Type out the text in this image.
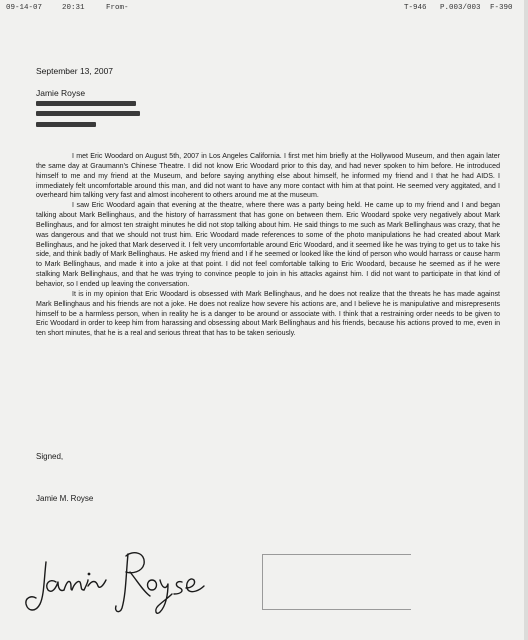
09-14-07	20:31	From-	T-946 P.003/003 F-390
September 13, 2007
Jamie Royse

I met Eric Woodard on August 5th, 2007 in Los Angeles California. I first met him briefly at the Hollywood Museum, and then again later the same day at Graumann's Chinese Theatre. I did not know Eric Woodard prior to this day, and had never spoken to him before. He introduced himself to me and my friend at the Museum, and before saying anything else about himself, he informed my friend and I that he had AIDS. I immediately felt uncomfortable around this man, and did not want to have any more contact with him at that point. He seemed very aggitated, and I overheard him talking very fast and almost incoherent to others around me at the museum.

I saw Eric Woodard again that evening at the theatre, where there was a party being held. He came up to my friend and I and began talking about Mark Bellinghaus, and the history of harrassment that has gone on between them. Eric Woodard spoke very negatively about Mark Bellinghaus, and for almost ten straight minutes he did not stop talking about him. He said things to me such as Mark Bellinghaus was crazy, that he was dangerous and that we should not trust him. Eric Woodard made references to some of the photo manipulations he had created about Mark Bellinghaus, and he joked that Mark deserved it. I felt very uncomfortable around Eric Woodard, and it seemed like he was trying to get us to take his side, and think badly of Mark Bellinghaus. He asked my friend and I if he seemed or looked like the kind of person who would harrass or cause harm to Mark Bellinghaus, and made it into a joke at that point. I did not feel comfortable talking to Eric Woodard, because he seemed as if he were stalking Mark Bellinghaus, and that he was trying to convince people to join in his attacks against him. I did not want to participate in that kind of behavior, so I ended up leaving the conversation.

It is in my opinion that Eric Woodard is obsessed with Mark Bellinghaus, and he does not realize that the threats he has made against Mark Bellinghaus and his friends are not a joke. He does not realize how severe his actions are, and I believe he is manipulative and misrepresents himself to be a harmless person, when in reality he is a danger to be around or associate with. I think that a restraining order needs to be given to Eric Woodard in order to keep him from harassing and obsessing about Mark Bellinghaus and his friends, because his actions proved to me, even in ten short minutes, that he is a real and serious threat that has to be taken seriously.

Signed,
Jamie M. Royse
